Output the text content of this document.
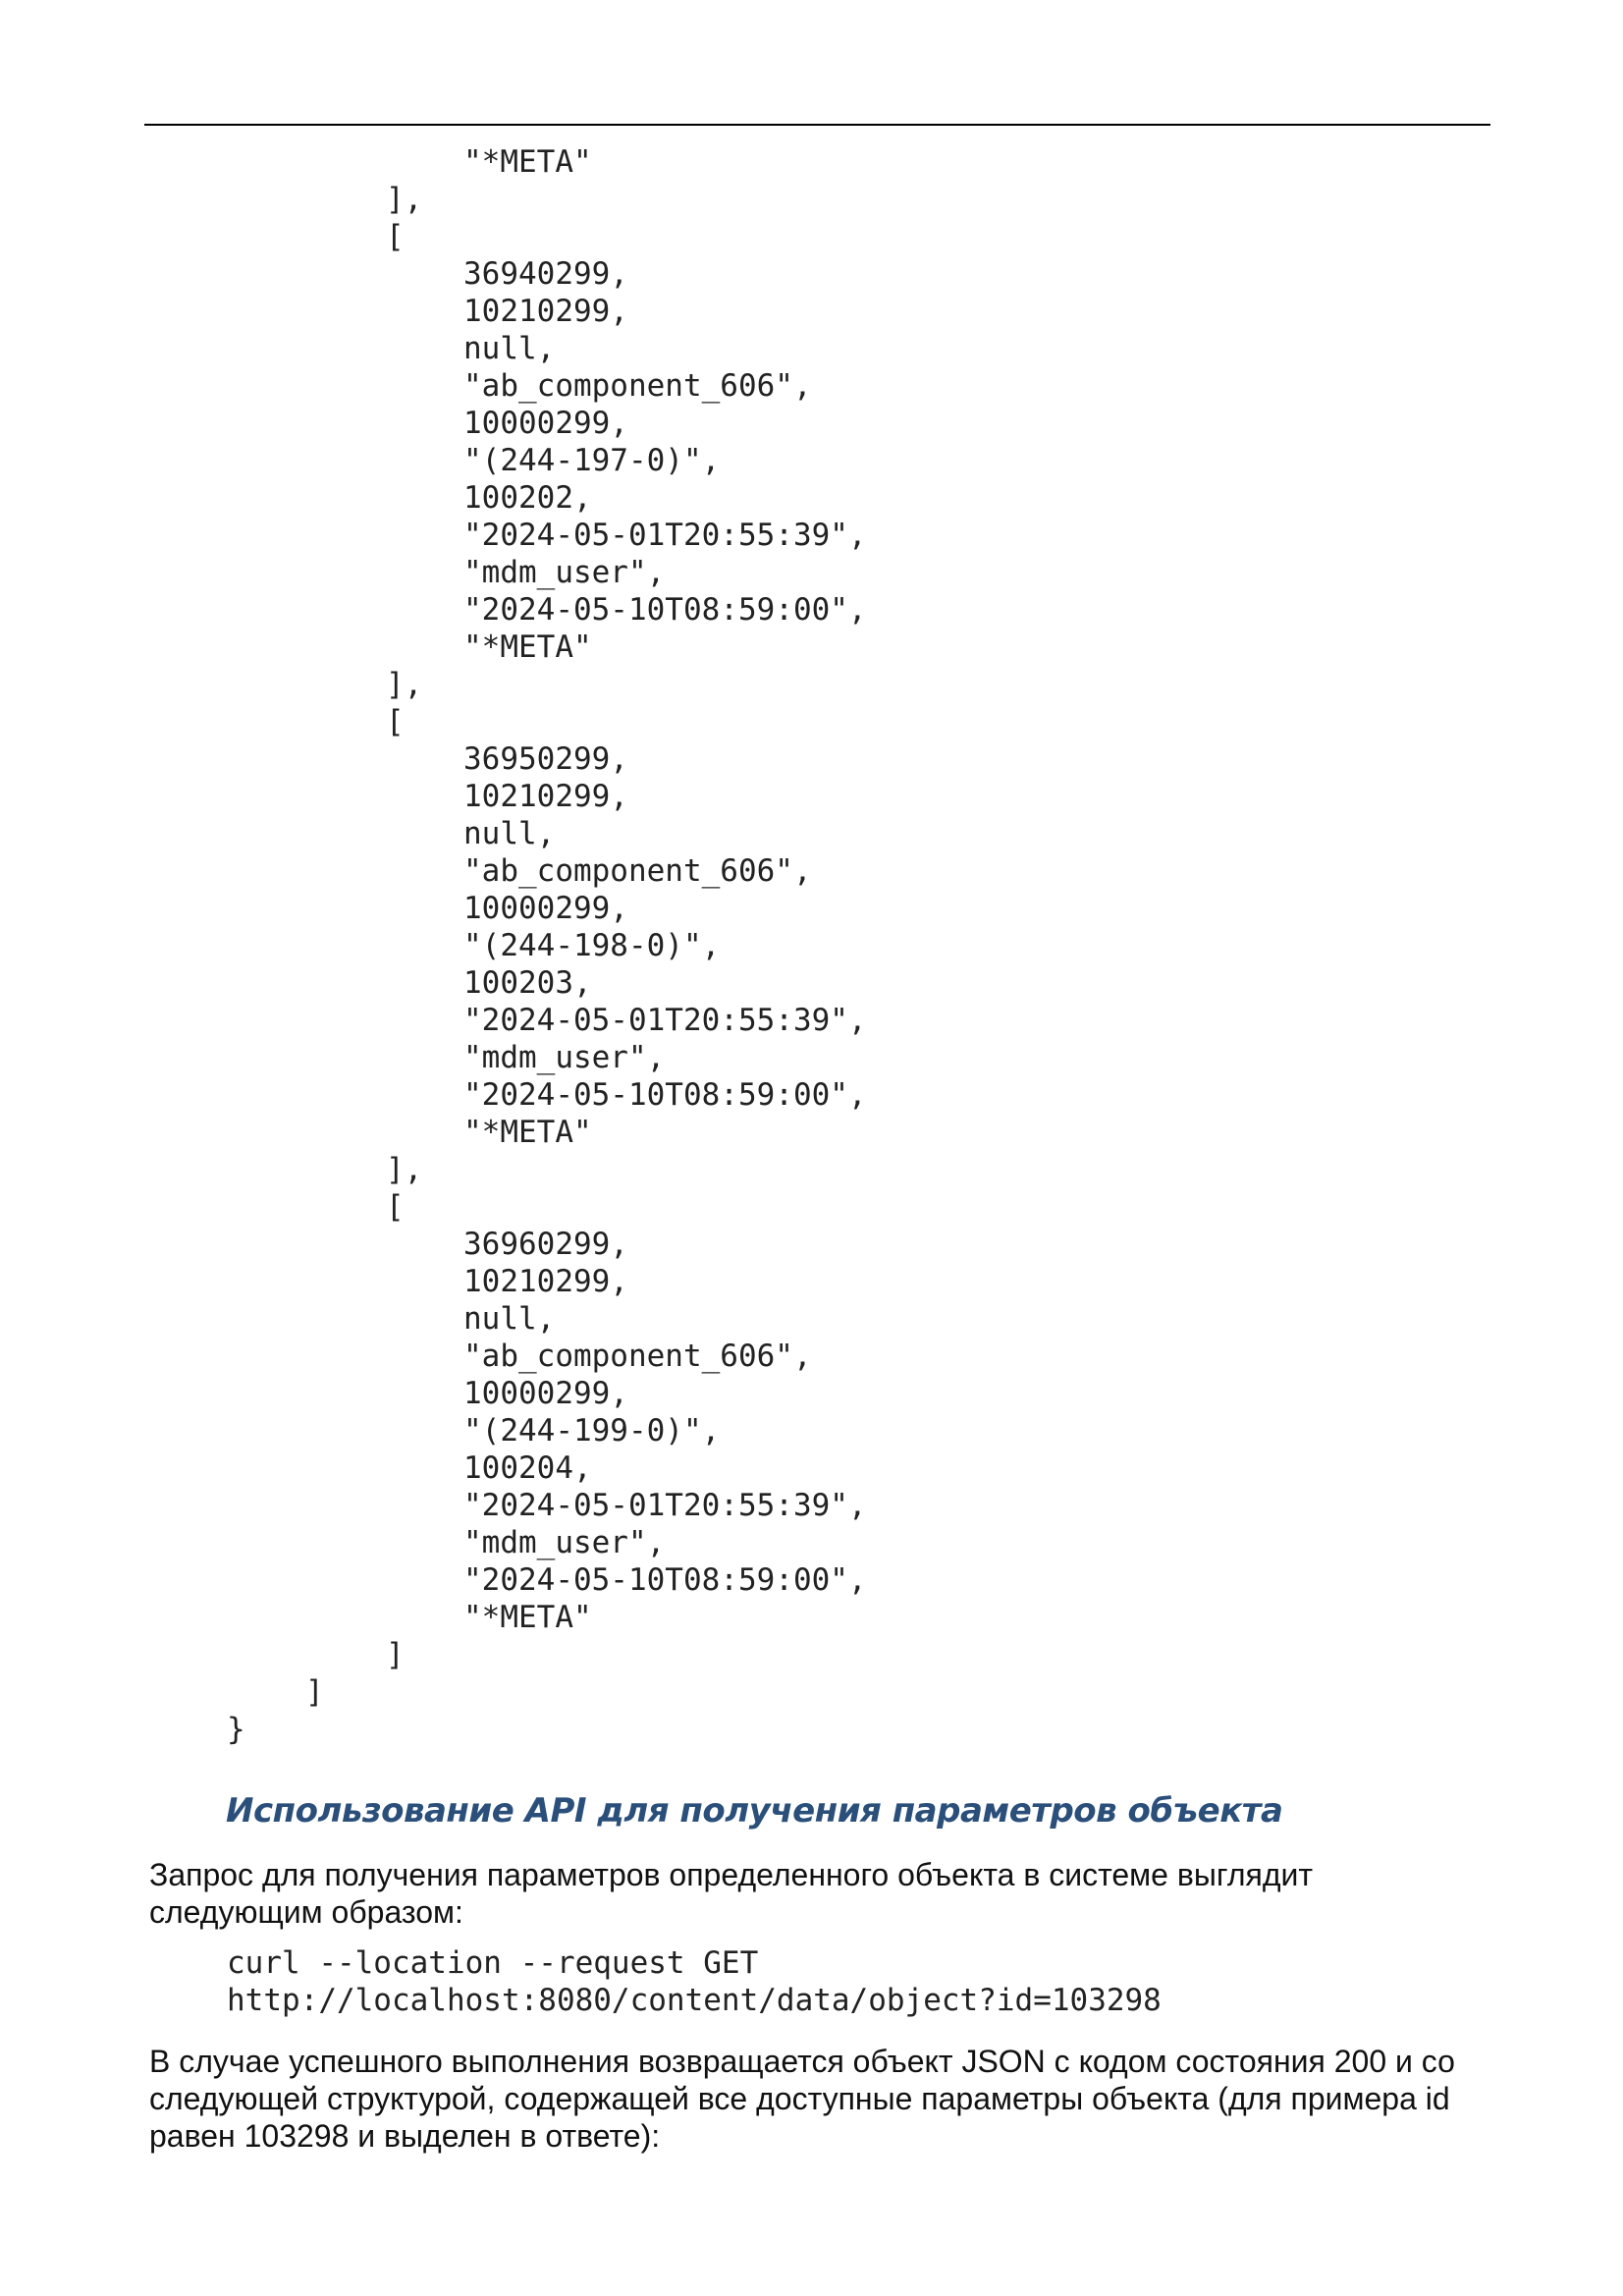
"*META"
],
[
36940299,
10210299,
null,
"ab_component_606",
10000299,
"(244-197-0)",
100202,
"2024-05-01T20:55:39",
"mdm_user",
"2024-05-10T08:59:00",
"*META"
],
[
36950299,
10210299,
null,
"ab_component_606",
10000299,
"(244-198-0)",
100203,
"2024-05-01T20:55:39",
"mdm_user",
"2024-05-10T08:59:00",
"*META"
],
[
36960299,
10210299,
null,
"ab_component_606",
10000299,
"(244-199-0)",
100204,
"2024-05-01T20:55:39",
"mdm_user",
"2024-05-10T08:59:00",
"*META"
]
]
}
Использование API для получения параметров объекта

Запрос для получения параметров определенного объекта в системе выглядит следующим образом:

curl --location --request GET
http://localhost:8080/content/data/object?id=103298

В случае успешного выполнения возвращается объект JSON с кодом состояния 200 и со следующей структурой, содержащей все доступные параметры объекта (для примера id равен 103298 и выделен в ответе):
